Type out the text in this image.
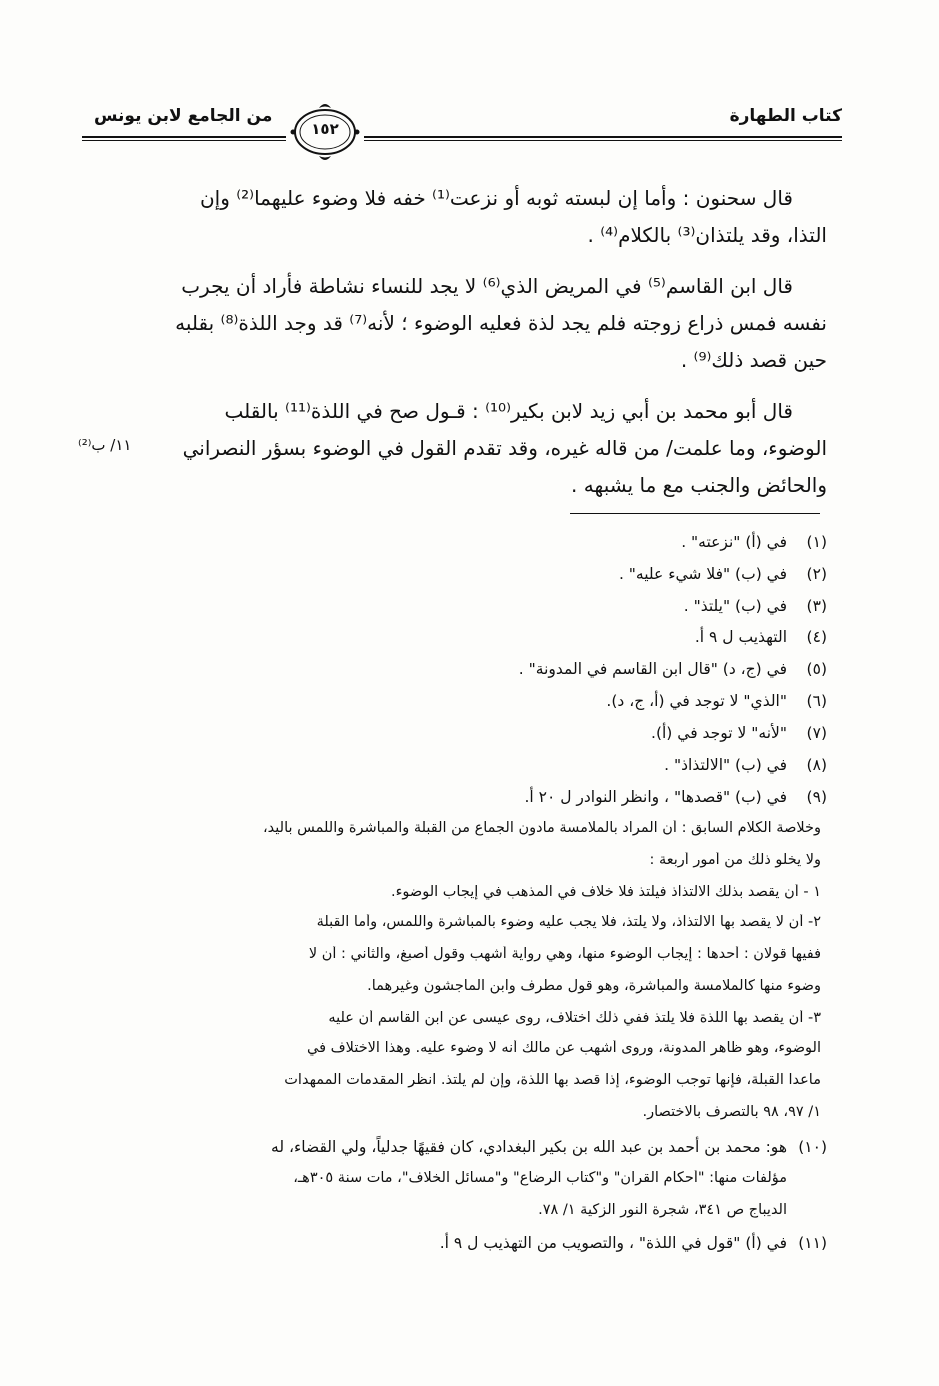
كتاب الطهارة
من الجامع لابن يونس
١٥٢

قال سحنون : وأما إن لبسته ثوبه أو نزعت⁽¹⁾ خفه فلا وضوء عليهما⁽²⁾ وإن
التذا، وقد يلتذان⁽³⁾ بالكلام⁽⁴⁾ .

قال ابن القاسم⁽⁵⁾ في المريض الذي⁽⁶⁾ لا يجد للنساء نشاطة فأراد أن يجرب
نفسه فمس ذراع زوجته فلم يجد لذة فعليه الوضوء ؛ لأنه⁽⁷⁾ قد وجد اللذة⁽⁸⁾ بقلبه
حين قصد ذلك⁽⁹⁾ .

قال أبو محمد بن أبي زيد لابن بكير⁽¹⁰⁾ : قـول صح في اللذة⁽¹¹⁾ بالقلب
الوضوء، وما علمت/ من قاله غيره، وقد تقدم القول في الوضوء بسؤر النصراني
والحائض والجنب مع ما يشبهه .

١١/ ب⁽²⁾
(١)في (أ) "نزعته" .
(٢)في (ب) "فلا شيء عليه" .
(٣)في (ب) "يلتذ" .
(٤)التهذيب ل ٩ أ.
(٥)في (ج، د) "قال ابن القاسم في المدونة" .
(٦)"الذي" لا توجد في (أ، ج، د).
(٧)"لأنه" لا توجد في (أ).
(٨)في (ب) "الالتذاذ" .
(٩)في (ب) "قصدها" ، وانظر النوادر ل ٢٠ أ.
وخلاصة الكلام السابق : أن المراد بالملامسة مادون الجماع من القبلة والمباشرة واللمس باليد،
ولا يخلو ذلك من أمور أربعة :
١ - أن يقصد بذلك الالتذاذ فيلتذ فلا خلاف في المذهب في إيجاب الوضوء.
٢- أن لا يقصد بها الالتذاذ، ولا يلتذ، فلا يجب عليه وضوء بالمباشرة واللمس، وأما القبلة
ففيها قولان : أحدها : إيجاب الوضوء منها، وهي رواية أشهب وقول أصبغ، والثاني : أن لا
وضوء منها كالملامسة والمباشرة، وهو قول مطرف وابن الماجشون وغيرهما.
٣- أن يقصد بها اللذة فلا يلتذ ففي ذلك اختلاف، روى عيسى عن ابن القاسم أن عليه
الوضوء، وهو ظاهر المدونة، وروى أشهب عن مالك أنه لا وضوء عليه. وهذا الاختلاف في
ماعدا القبلة، فإنها توجب الوضوء، إذا قصد بها اللذة، وإن لم يلتذ. انظر المقدمات الممهدات
١/ ٩٧، ٩٨ بالتصرف بالاختصار.
(١٠)هو: محمد بن أحمد بن عبد الله بن بكير البغدادي، كان فقيهًا جدلياً، ولي القضاء، له
مؤلفات منها: "أحكام القرآن" و"كتاب الرضاع" و"مسائل الخلاف"، مات سنة ٣٠٥هـ،
الديباج ص ٣٤١، شجرة النور الزكية ١/ ٧٨.
(١١)في (أ) "قول في اللذة" ، والتصويب من التهذيب ل ٩ أ.
